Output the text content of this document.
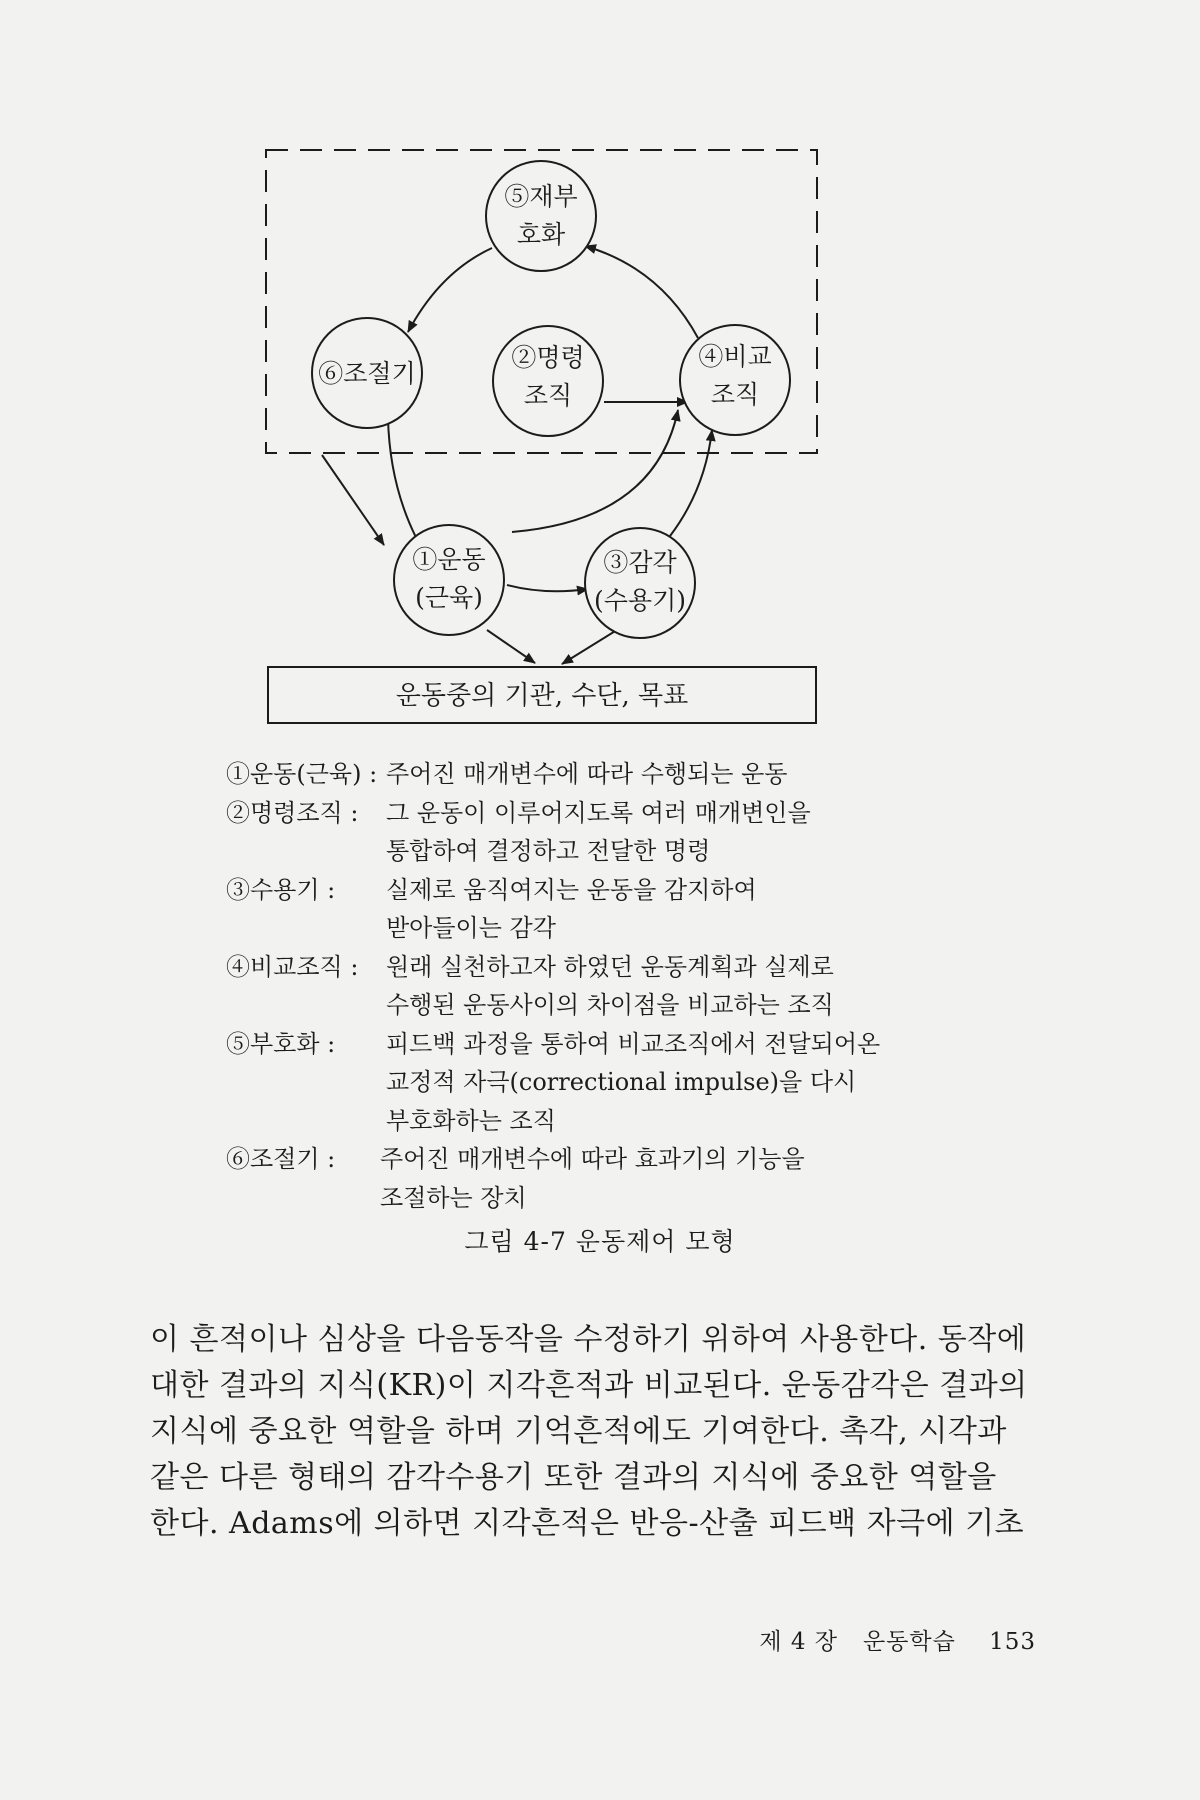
⑤재부
호화
⑥조절기
②명령
조직
④비교
조직
①운동
(근육)
③감각
(수용기)
운동중의 기관, 수단, 목표
①운동(근육) : 주어진 매개변수에 따라 수행되는 운동
②명령조직 :	그 운동이 이루어지도록 여러 매개변인을
통합하여 결정하고 전달한 명령
③수용기 :	실제로 움직여지는 운동을 감지하여
받아들이는 감각
④비교조직 :	원래 실천하고자 하였던 운동계획과 실제로
수행된 운동사이의 차이점을 비교하는 조직
⑤부호화 :	피드백 과정을 통하여 비교조직에서 전달되어온
교정적 자극(correctional impulse)을 다시
부호화하는 조직
⑥조절기 :	주어진 매개변수에 따라 효과기의 기능을
조절하는 장치
그림 4-7 운동제어 모형
이 흔적이나 심상을 다음동작을 수정하기 위하여 사용한다. 동작에
대한 결과의 지식(KR)이 지각흔적과 비교된다. 운동감각은 결과의
지식에 중요한 역할을 하며 기억흔적에도 기여한다. 촉각, 시각과
같은 다른 형태의 감각수용기 또한 결과의 지식에 중요한 역할을
한다. Adams에 의하면 지각흔적은 반응-산출 피드백 자극에 기초
제 4 장 운동학습 153
